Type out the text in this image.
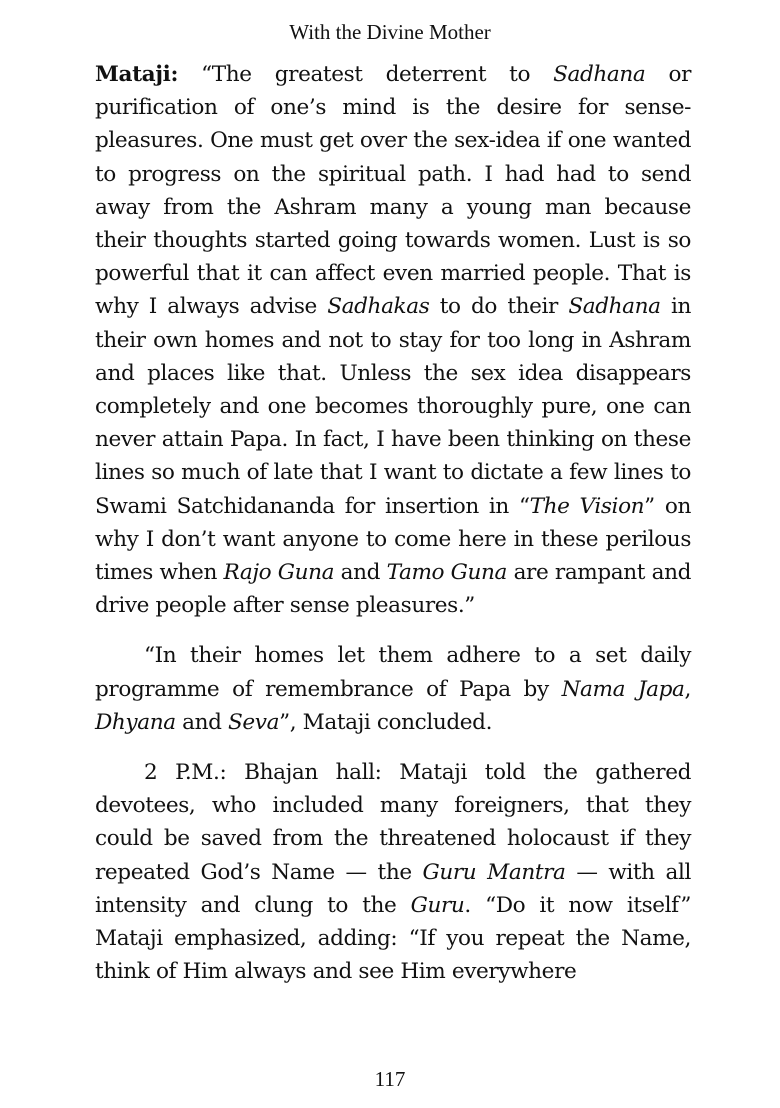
With the Divine Mother

Mataji: “The greatest deterrent to Sadhana or purification of one’s mind is the desire for sense-pleasures. One must get over the sex-idea if one wanted to progress on the spiritual path. I had had to send away from the Ashram many a young man because their thoughts started going towards women. Lust is so powerful that it can affect even married people. That is why I always advise Sadhakas to do their Sadhana in their own homes and not to stay for too long in Ashram and places like that. Unless the sex idea disappears completely and one becomes thoroughly pure, one can never attain Papa. In fact, I have been thinking on these lines so much of late that I want to dictate a few lines to Swami Satchidananda for insertion in “The Vision” on why I don’t want anyone to come here in these perilous times when Rajo Guna and Tamo Guna are rampant and drive people after sense pleasures.”

“In their homes let them adhere to a set daily programme of remembrance of Papa by Nama Japa, Dhyana and Seva”, Mataji concluded.

2 P.M.: Bhajan hall: Mataji told the gathered devotees, who included many foreigners, that they could be saved from the threatened holocaust if they repeated God’s Name — the Guru Mantra — with all intensity and clung to the Guru. “Do it now itself” Mataji emphasized, adding: “If you repeat the Name, think of Him always and see Him everywhere

117
